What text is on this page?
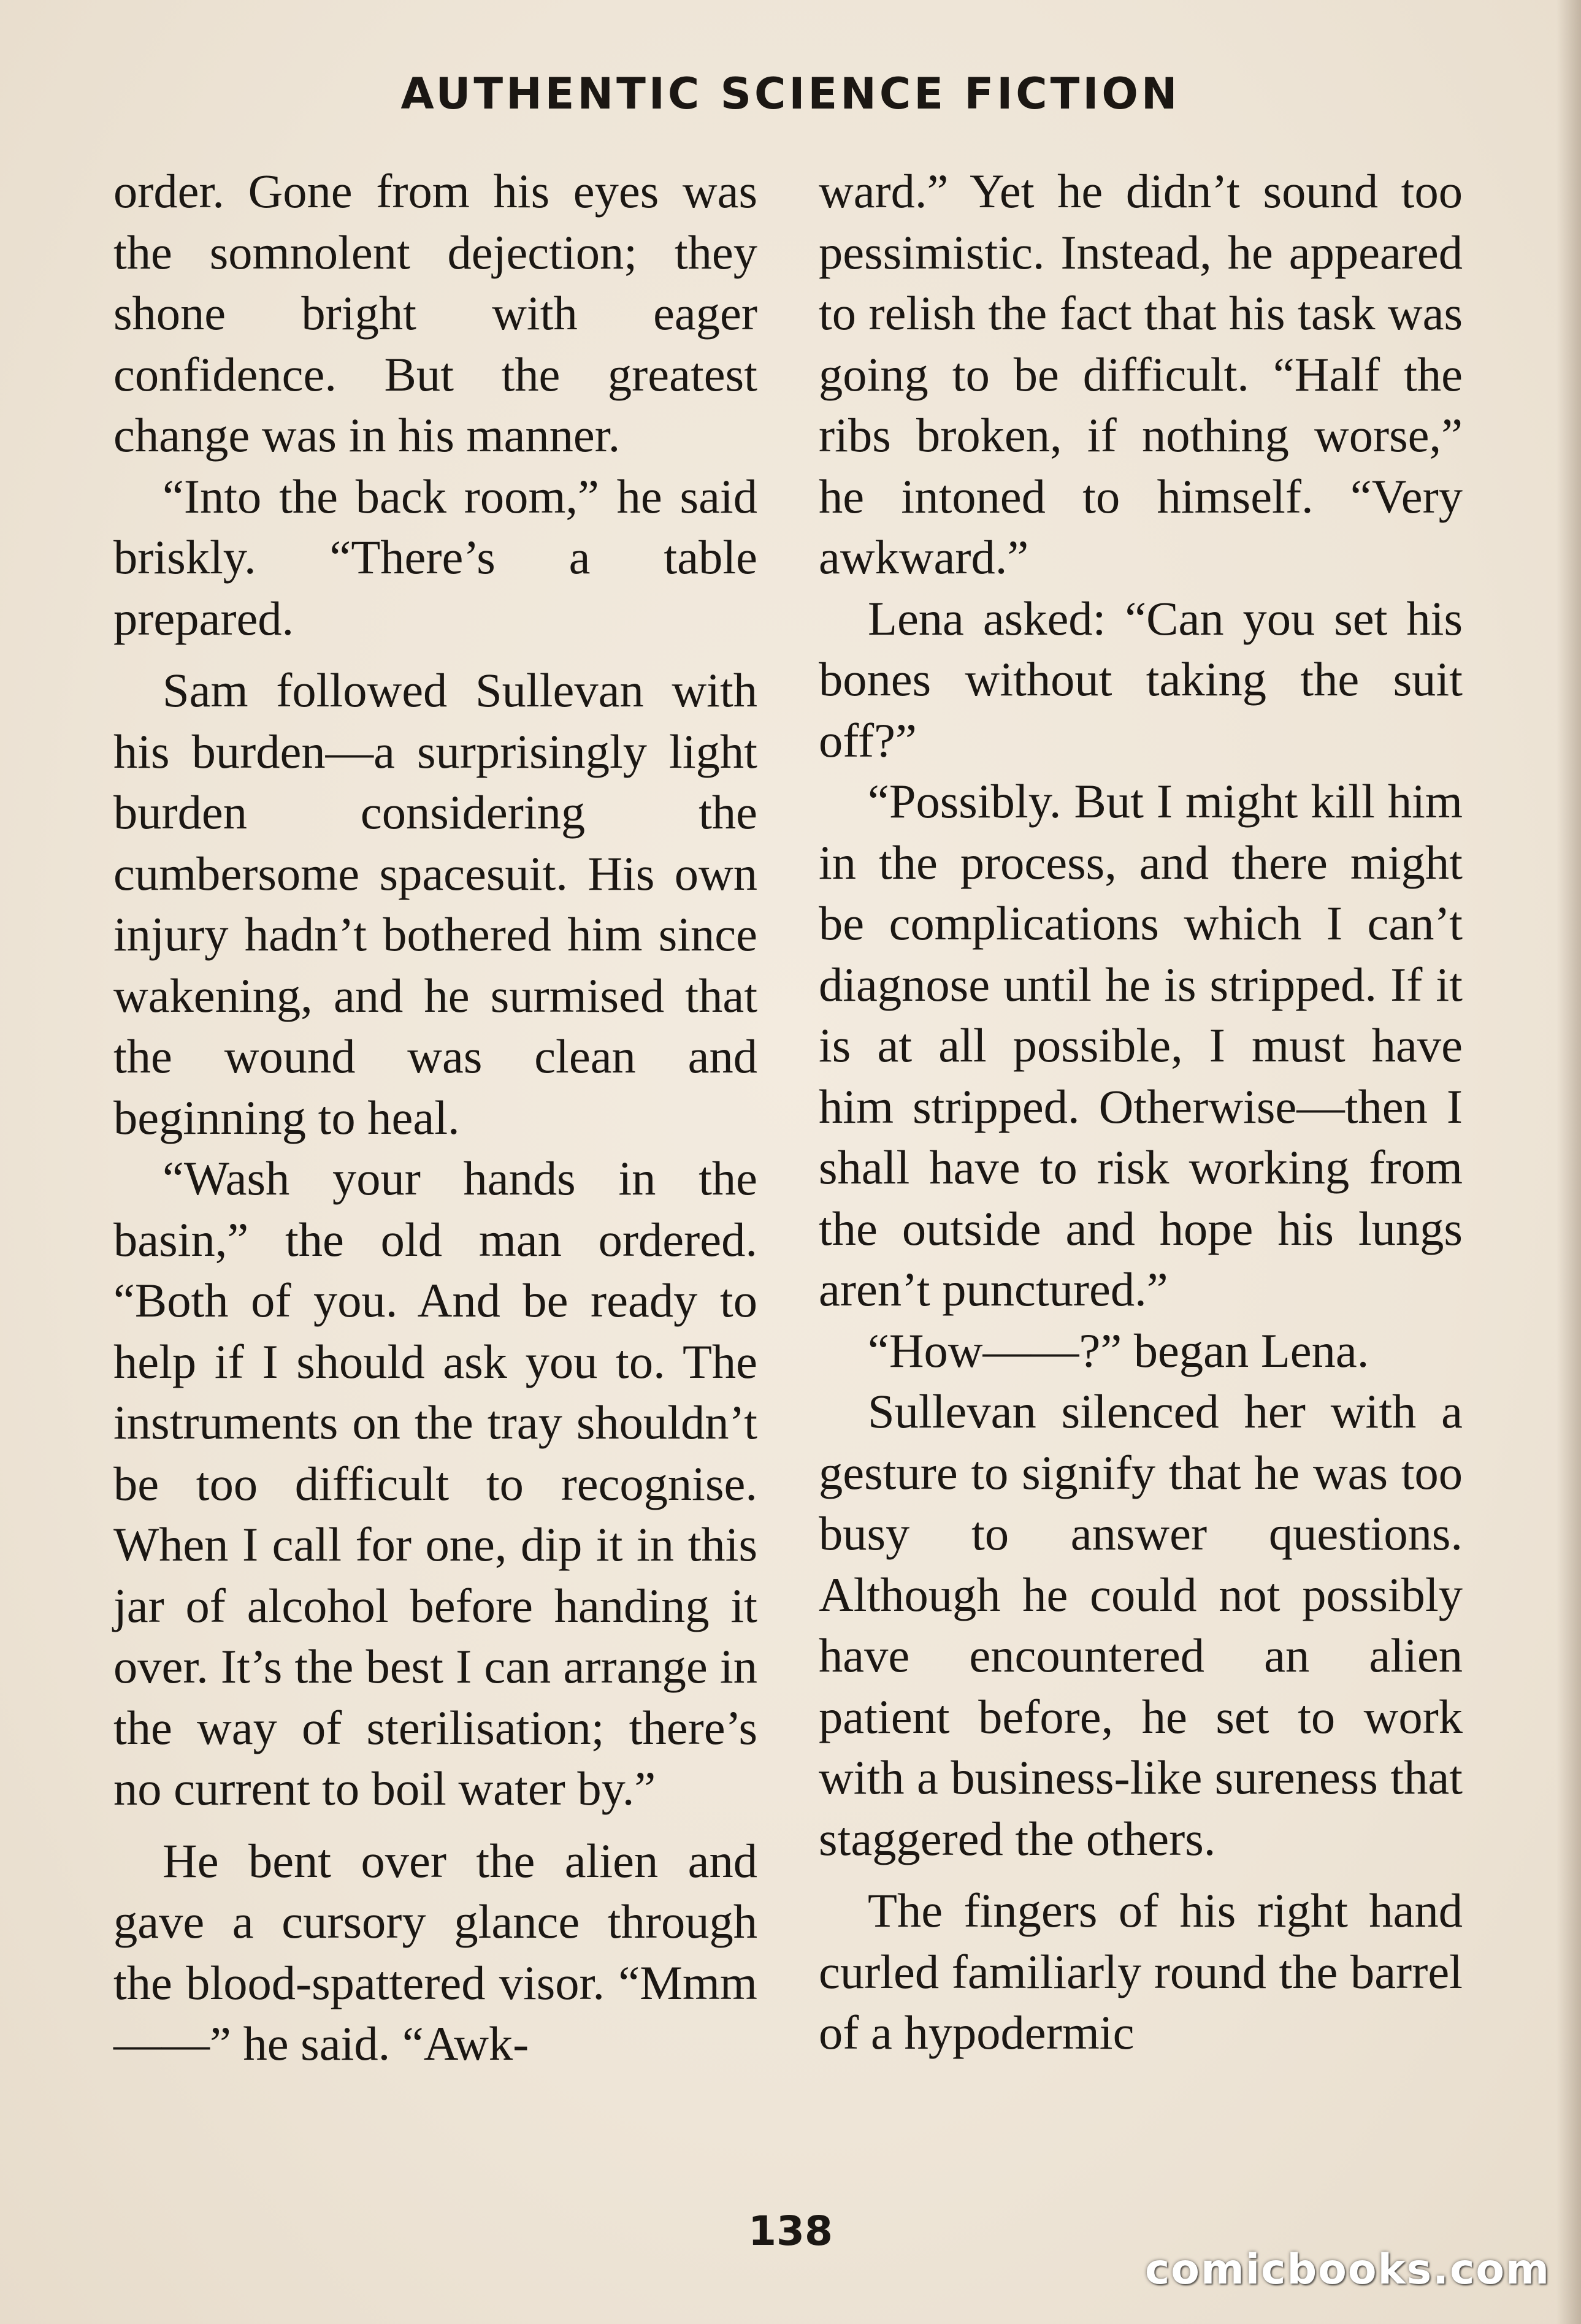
AUTHENTIC SCIENCE FICTION

order. Gone from his eyes was the somnolent dejection; they shone bright with eager confidence. But the greatest change was in his manner.

“Into the back room,” he said briskly. “There’s a table prepared.

Sam followed Sullevan with his burden—a surprisingly light burden considering the cumbersome spacesuit. His own injury hadn’t bothered him since wakening, and he surmised that the wound was clean and beginning to heal.

“Wash your hands in the basin,” the old man ordered. “Both of you. And be ready to help if I should ask you to. The instruments on the tray shouldn’t be too difficult to recognise. When I call for one, dip it in this jar of alcohol before handing it over. It’s the best I can arrange in the way of sterilisation; there’s no current to boil water by.”

He bent over the alien and gave a cursory glance through the blood-spattered visor. “Mmm——” he said. “Awk-

ward.” Yet he didn’t sound too pessimistic. Instead, he appeared to relish the fact that his task was going to be difficult. “Half the ribs broken, if nothing worse,” he intoned to himself. “Very awkward.”

Lena asked: “Can you set his bones without taking the suit off?”

“Possibly. But I might kill him in the process, and there might be complications which I can’t diagnose until he is stripped. If it is at all possible, I must have him stripped. Otherwise—then I shall have to risk working from the outside and hope his lungs aren’t punctured.”

“How——?” began Lena.

Sullevan silenced her with a gesture to signify that he was too busy to answer questions. Although he could not possibly have encountered an alien patient before, he set to work with a business-like sureness that staggered the others.

The fingers of his right hand curled familiarly round the barrel of a hypodermic

138
comicbooks.com
